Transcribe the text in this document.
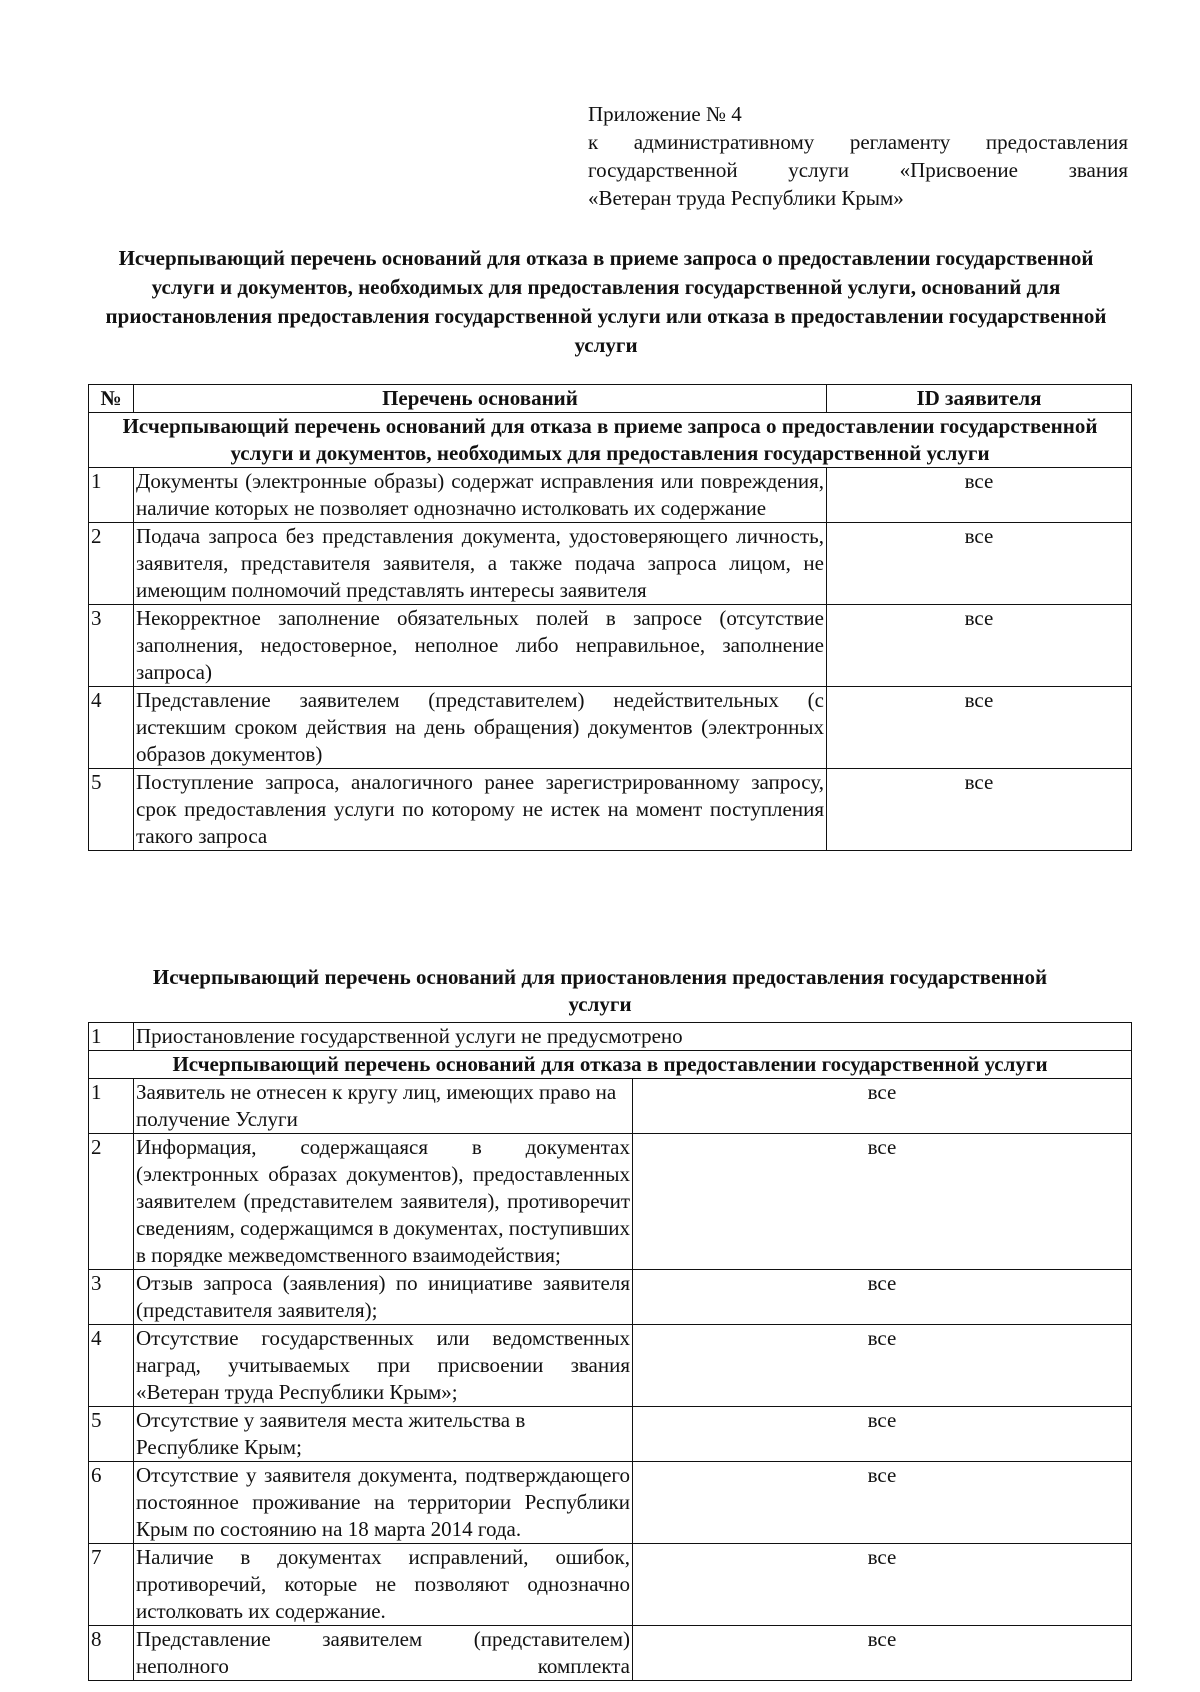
Приложение № 4
к административному регламенту предоставления
государственной услуги «Присвоение звания
«Ветеран труда Республики Крым»
Исчерпывающий перечень оснований для отказа в приеме запроса о предоставлении государственной услуги и документов, необходимых для предоставления государственной услуги, оснований для приостановления предоставления государственной услуги или отказа в предоставлении государственной услуги
№	Перечень оснований	ID заявителя
Исчерпывающий перечень оснований для отказа в приеме запроса о предоставлении государственной услуги и документов, необходимых для предоставления государственной услуги		
1	Документы (электронные образы) содержат исправления или повреждения, наличие которых не позволяет однозначно истолковать их содержание	все
2	Подача запроса без представления документа, удостоверяющего личность, заявителя, представителя заявителя, а также подача запроса лицом, не имеющим полномочий представлять интересы заявителя	все
3	Некорректное заполнение обязательных полей в запросе (отсутствие заполнения, недостоверное, неполное либо неправильное, заполнение запроса)	все
4	Представление заявителем (представителем) недействительных (с истекшим сроком действия на день обращения) документов (электронных образов документов)	все
5	Поступление запроса, аналогичного ранее зарегистрированному запросу, срок предоставления услуги по которому не истек на момент поступления такого запроса	все
Исчерпывающий перечень оснований для приостановления предоставления государственной услуги
1	Приостановление государственной услуги не предусмотрено	
Исчерпывающий перечень оснований для отказа в предоставлении государственной услуги		
1	Заявитель не отнесен к кругу лиц, имеющих право на получение Услуги	все
2	Информация, содержащаяся в документах (электронных образах документов), предоставленных заявителем (представителем заявителя), противоречит сведениям, содержащимся в документах, поступивших в порядке межведомственного взаимодействия;	все
3	Отзыв запроса (заявления) по инициативе заявителя (представителя заявителя);	все
4	Отсутствие государственных или ведомственных наград, учитываемых при присвоении звания «Ветеран труда Республики Крым»;	все
5	Отсутствие у заявителя места жительства в Республике Крым;	все
6	Отсутствие у заявителя документа, подтверждающего постоянное проживание на территории Республики Крым по состоянию на 18 марта 2014 года.	все
7	Наличие в документах исправлений, ошибок, противоречий, которые не позволяют однозначно истолковать их содержание.	все
8	Представление заявителем (представителем) неполного комплекта	все
